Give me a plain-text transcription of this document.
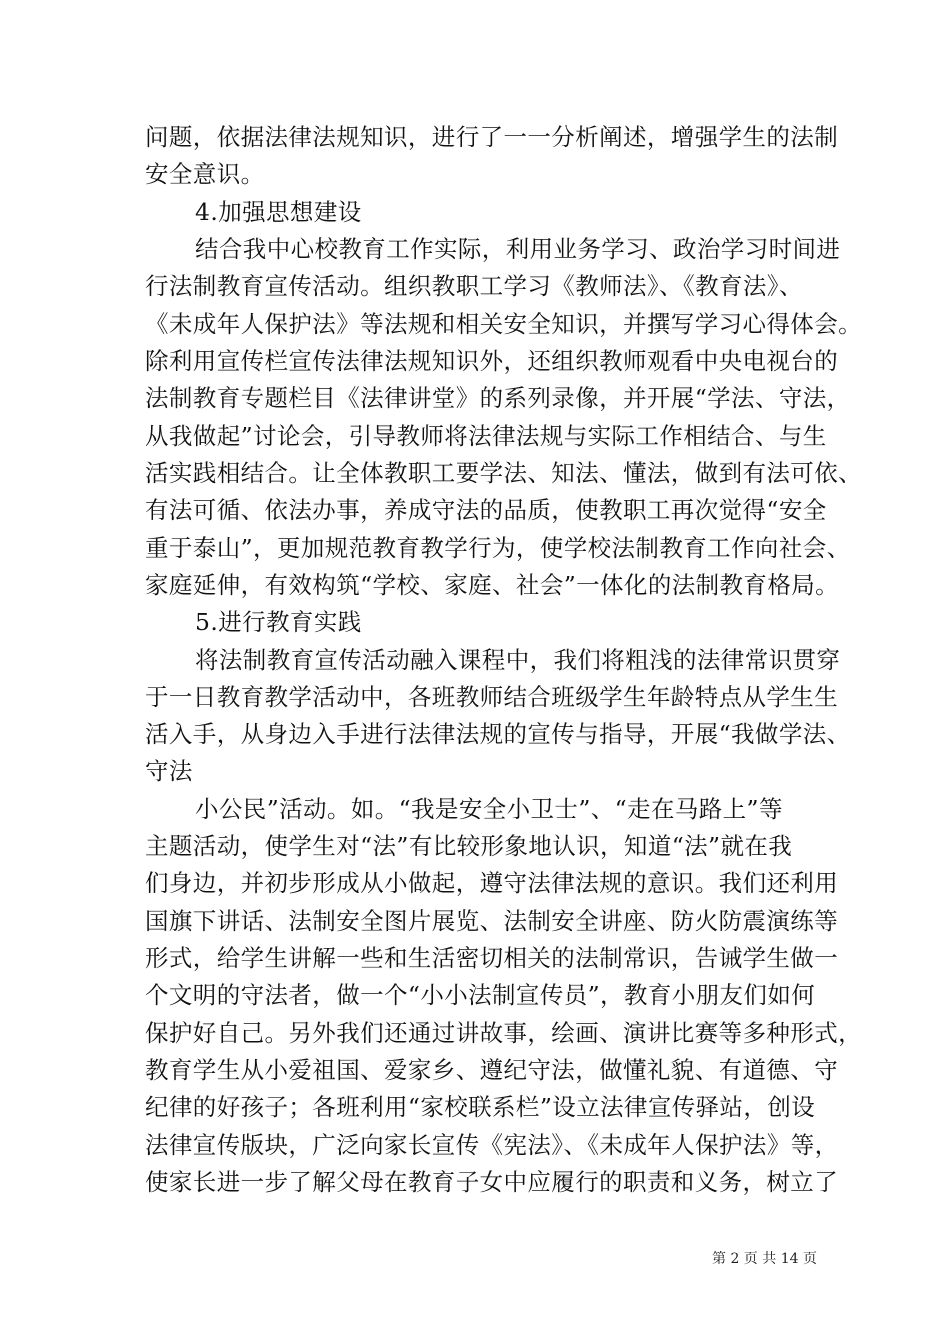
问题，依据法律法规知识，进行了一一分析阐述，增强学生的法制
安全意识。
4.加强思想建设
结合我中心校教育工作实际，利用业务学习、政治学习时间进
行法制教育宣传活动。组织教职工学习《教师法》、《教育法》、
《未成年人保护法》等法规和相关安全知识，并撰写学习心得体会。
除利用宣传栏宣传法律法规知识外，还组织教师观看中央电视台的
法制教育专题栏目《法律讲堂》的系列录像，并开展“学法、守法，
从我做起”讨论会，引导教师将法律法规与实际工作相结合、与生
活实践相结合。让全体教职工要学法、知法、懂法，做到有法可依、
有法可循、依法办事，养成守法的品质，使教职工再次觉得“安全
重于泰山”，更加规范教育教学行为，使学校法制教育工作向社会、
家庭延伸，有效构筑“学校、家庭、社会”一体化的法制教育格局。
5.进行教育实践
将法制教育宣传活动融入课程中，我们将粗浅的法律常识贯穿
于一日教育教学活动中，各班教师结合班级学生年龄特点从学生生
活入手，从身边入手进行法律法规的宣传与指导，开展“我做学法、
守法
小公民”活动。如。“我是安全小卫士”、“走在马路上”等
主题活动，使学生对“法”有比较形象地认识，知道“法”就在我
们身边，并初步形成从小做起，遵守法律法规的意识。我们还利用
国旗下讲话、法制安全图片展览、法制安全讲座、防火防震演练等
形式，给学生讲解一些和生活密切相关的法制常识，告诫学生做一
个文明的守法者，做一个“小小法制宣传员”，教育小朋友们如何
保护好自己。另外我们还通过讲故事，绘画、演讲比赛等多种形式，
教育学生从小爱祖国、爱家乡、遵纪守法，做懂礼貌、有道德、守
纪律的好孩子；各班利用“家校联系栏”设立法律宣传驿站，创设
法律宣传版块，广泛向家长宣传《宪法》、《未成年人保护法》等，
使家长进一步了解父母在教育子女中应履行的职责和义务，树立了
第 2 页 共 14 页
